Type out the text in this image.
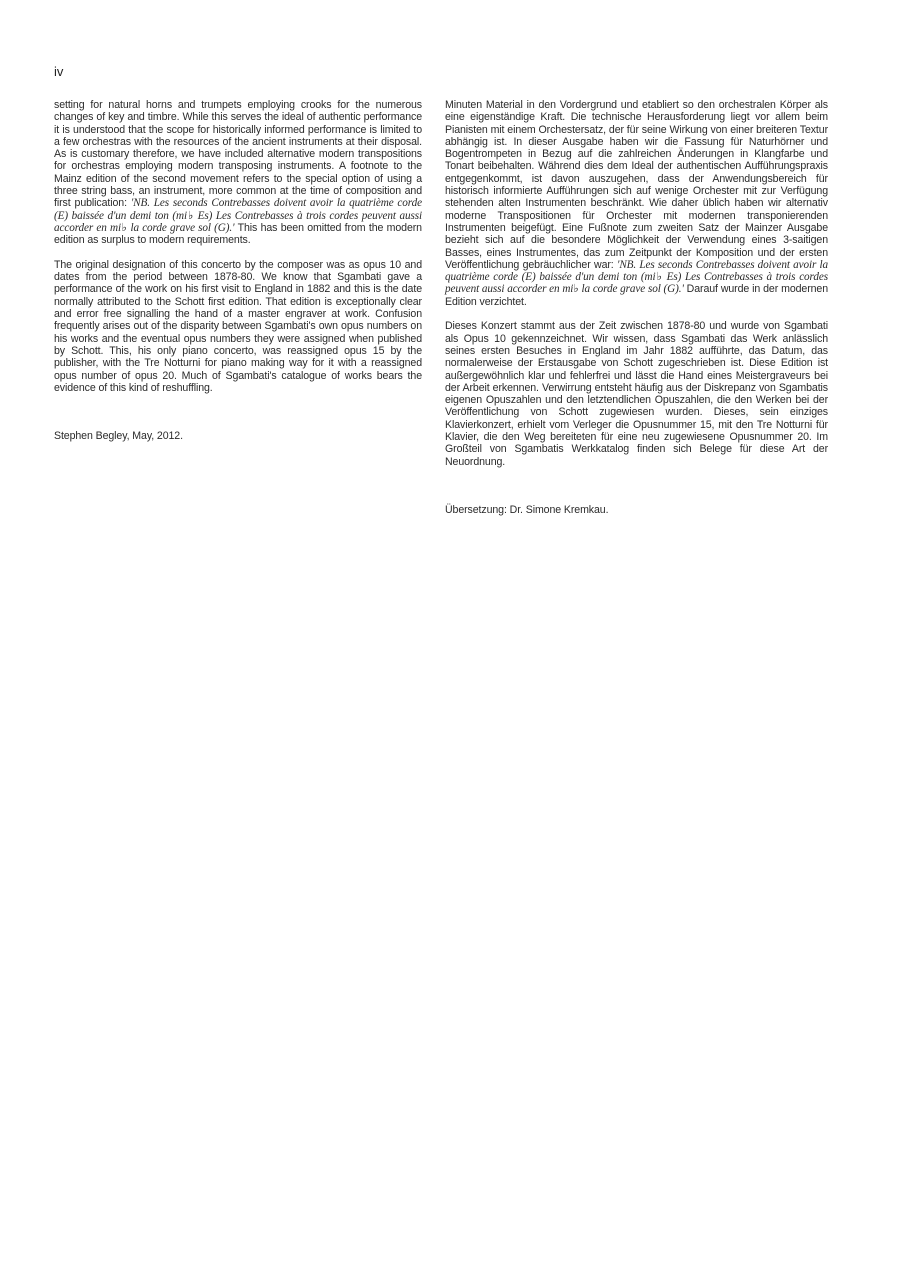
iv

setting for natural horns and trumpets employing crooks for the numerous changes of key and timbre. While this serves the ideal of authentic performance it is understood that the scope for historically informed performance is limited to a few orchestras with the resources of the ancient instruments at their disposal. As is customary therefore, we have included alternative modern transpositions for orchestras employing modern transposing instruments. A footnote to the Mainz edition of the second movement refers to the special option of using a three string bass, an instrument, more common at the time of composition and first publication: 'NB. Les seconds Contrebasses doivent avoir la quatrième corde (E) baissée d'un demi ton (mi♭ Es) Les Contrebasses à trois cordes peuvent aussi accorder en mi♭ la corde grave sol (G).' This has been omitted from the modern edition as surplus to modern requirements.

The original designation of this concerto by the composer was as opus 10 and dates from the period between 1878-80. We know that Sgambati gave a performance of the work on his first visit to England in 1882 and this is the date normally attributed to the Schott first edition. That edition is exceptionally clear and error free signalling the hand of a master engraver at work. Confusion frequently arises out of the disparity between Sgambati's own opus numbers on his works and the eventual opus numbers they were assigned when published by Schott. This, his only piano concerto, was reassigned opus 15 by the publisher, with the Tre Notturni for piano making way for it with a reassigned opus number of opus 20. Much of Sgambati's catalogue of works bears the evidence of this kind of reshuffling.

Stephen Begley, May, 2012.

Minuten Material in den Vordergrund und etabliert so den orchestralen Körper als eine eigenständige Kraft. Die technische Herausforderung liegt vor allem beim Pianisten mit einem Orchestersatz, der für seine Wirkung von einer breiteren Textur abhängig ist. In dieser Ausgabe haben wir die Fassung für Naturhörner und Bogentrompeten in Bezug auf die zahlreichen Änderungen in Klangfarbe und Tonart beibehalten. Während dies dem Ideal der authentischen Aufführungspraxis entgegenkommt, ist davon auszugehen, dass der Anwendungsbereich für historisch informierte Aufführungen sich auf wenige Orchester mit zur Verfügung stehenden alten Instrumenten beschränkt. Wie daher üblich haben wir alternativ moderne Transpositionen für Orchester mit modernen transponierenden Instrumenten beigefügt. Eine Fußnote zum zweiten Satz der Mainzer Ausgabe bezieht sich auf die besondere Möglichkeit der Verwendung eines 3-saitigen Basses, eines Instrumentes, das zum Zeitpunkt der Komposition und der ersten Veröffentlichung gebräuchlicher war: 'NB. Les seconds Contrebasses doivent avoir la quatrième corde (E) baissée d'un demi ton (mi♭ Es) Les Contrebasses à trois cordes peuvent aussi accorder en mi♭ la corde grave sol (G).' Darauf wurde in der modernen Edition verzichtet.

Dieses Konzert stammt aus der Zeit zwischen 1878-80 und wurde von Sgambati als Opus 10 gekennzeichnet. Wir wissen, dass Sgambati das Werk anlässlich seines ersten Besuches in England im Jahr 1882 aufführte, das Datum, das normalerweise der Erstausgabe von Schott zugeschrieben ist. Diese Edition ist außergewöhnlich klar und fehlerfrei und lässt die Hand eines Meistergraveurs bei der Arbeit erkennen. Verwirrung entsteht häufig aus der Diskrepanz von Sgambatis eigenen Opuszahlen und den letztendlichen Opuszahlen, die den Werken bei der Veröffentlichung von Schott zugewiesen wurden. Dieses, sein einziges Klavierkonzert, erhielt vom Verleger die Opusnummer 15, mit den Tre Notturni für Klavier, die den Weg bereiteten für eine neu zugewiesene Opusnummer 20. Im Großteil von Sgambatis Werkkatalog finden sich Belege für diese Art der Neuordnung.

Übersetzung: Dr. Simone Kremkau.
